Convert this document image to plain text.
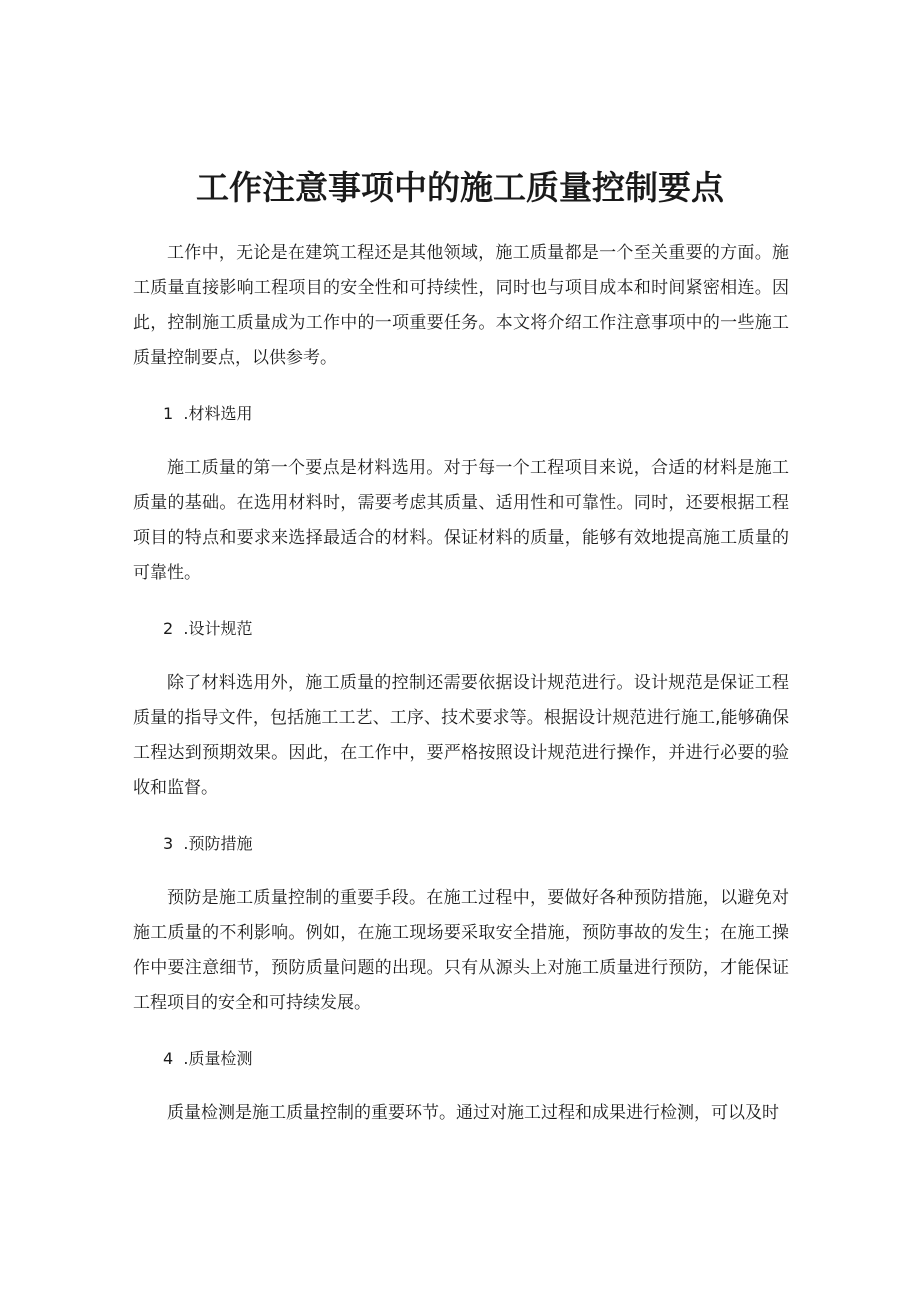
工作注意事项中的施工质量控制要点

工作中，无论是在建筑工程还是其他领域，施工质量都是一个至关重要的方面。施工质量直接影响工程项目的安全性和可持续性，同时也与项目成本和时间紧密相连。因此，控制施工质量成为工作中的一项重要任务。本文将介绍工作注意事项中的一些施工质量控制要点，以供参考。

1  .材料选用

施工质量的第一个要点是材料选用。对于每一个工程项目来说，合适的材料是施工质量的基础。在选用材料时，需要考虑其质量、适用性和可靠性。同时，还要根据工程项目的特点和要求来选择最适合的材料。保证材料的质量，能够有效地提高施工质量的可靠性。

2  .设计规范

除了材料选用外，施工质量的控制还需要依据设计规范进行。设计规范是保证工程质量的指导文件，包括施工工艺、工序、技术要求等。根据设计规范进行施工,能够确保工程达到预期效果。因此，在工作中，要严格按照设计规范进行操作，并进行必要的验收和监督。

3  .预防措施

预防是施工质量控制的重要手段。在施工过程中，要做好各种预防措施，以避免对施工质量的不利影响。例如，在施工现场要采取安全措施，预防事故的发生；在施工操作中要注意细节，预防质量问题的出现。只有从源头上对施工质量进行预防，才能保证工程项目的安全和可持续发展。

4  .质量检测

质量检测是施工质量控制的重要环节。通过对施工过程和成果进行检测，可以及时
